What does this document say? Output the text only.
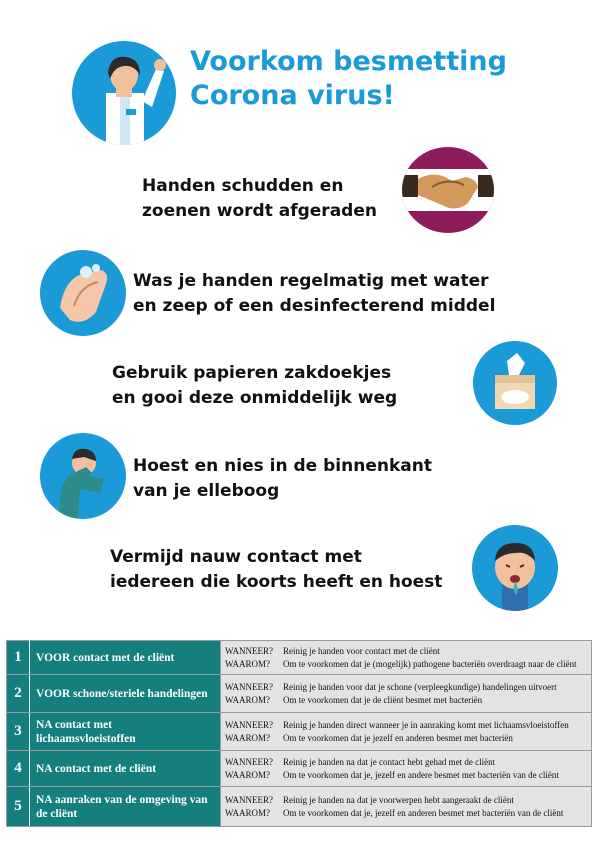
Voorkom besmetting
Corona virus!
Handen schudden en
zoenen wordt afgeraden
Was je handen regelmatig met water
en zeep of een desinfecterend middel
Gebruik papieren zakdoekjes
en gooi deze onmiddelijk weg
Hoest en nies in de binnenkant
van je elleboog
Vermijd nauw contact met
iedereen die koorts heeft en hoest
1	VOOR contact met de cliënt	WANNEER? Reinig je handen voor contact met de cliënt
WAAROM? Om te voorkomen dat je (mogelijk) pathogene bacteriën overdraagt naar de cliënt

2	VOOR schone/steriele handelingen	WANNEER? Reinig je handen voor dat je schone (verpleegkundige) handelingen uitvoert
WAAROM? Om te voorkomen dat je de cliënt besmet met bacteriën

3	NA contact met lichaamsvloeistoffen	WANNEER? Reinig je handen direct wanneer je in aanraking komt met lichaamsvloeistoffen
WAAROM? Om te voorkomen dat je jezelf en anderen besmet met bacteriën

4	NA contact met de cliënt	WANNEER? Reinig je handen na dat je contact hebt gehad met de cliënt
WAAROM? Om te voorkomen dat je, jezelf en andere besmet met bacteriën van de cliënt

5	NA aanraken van de omgeving van de cliënt	WANNEER? Reinig je handen na dat je voorwerpen hebt aangeraakt de cliënt
WAAROM? Om te voorkomen dat je, jezelf en anderen besmet met bacteriën van de cliënt
